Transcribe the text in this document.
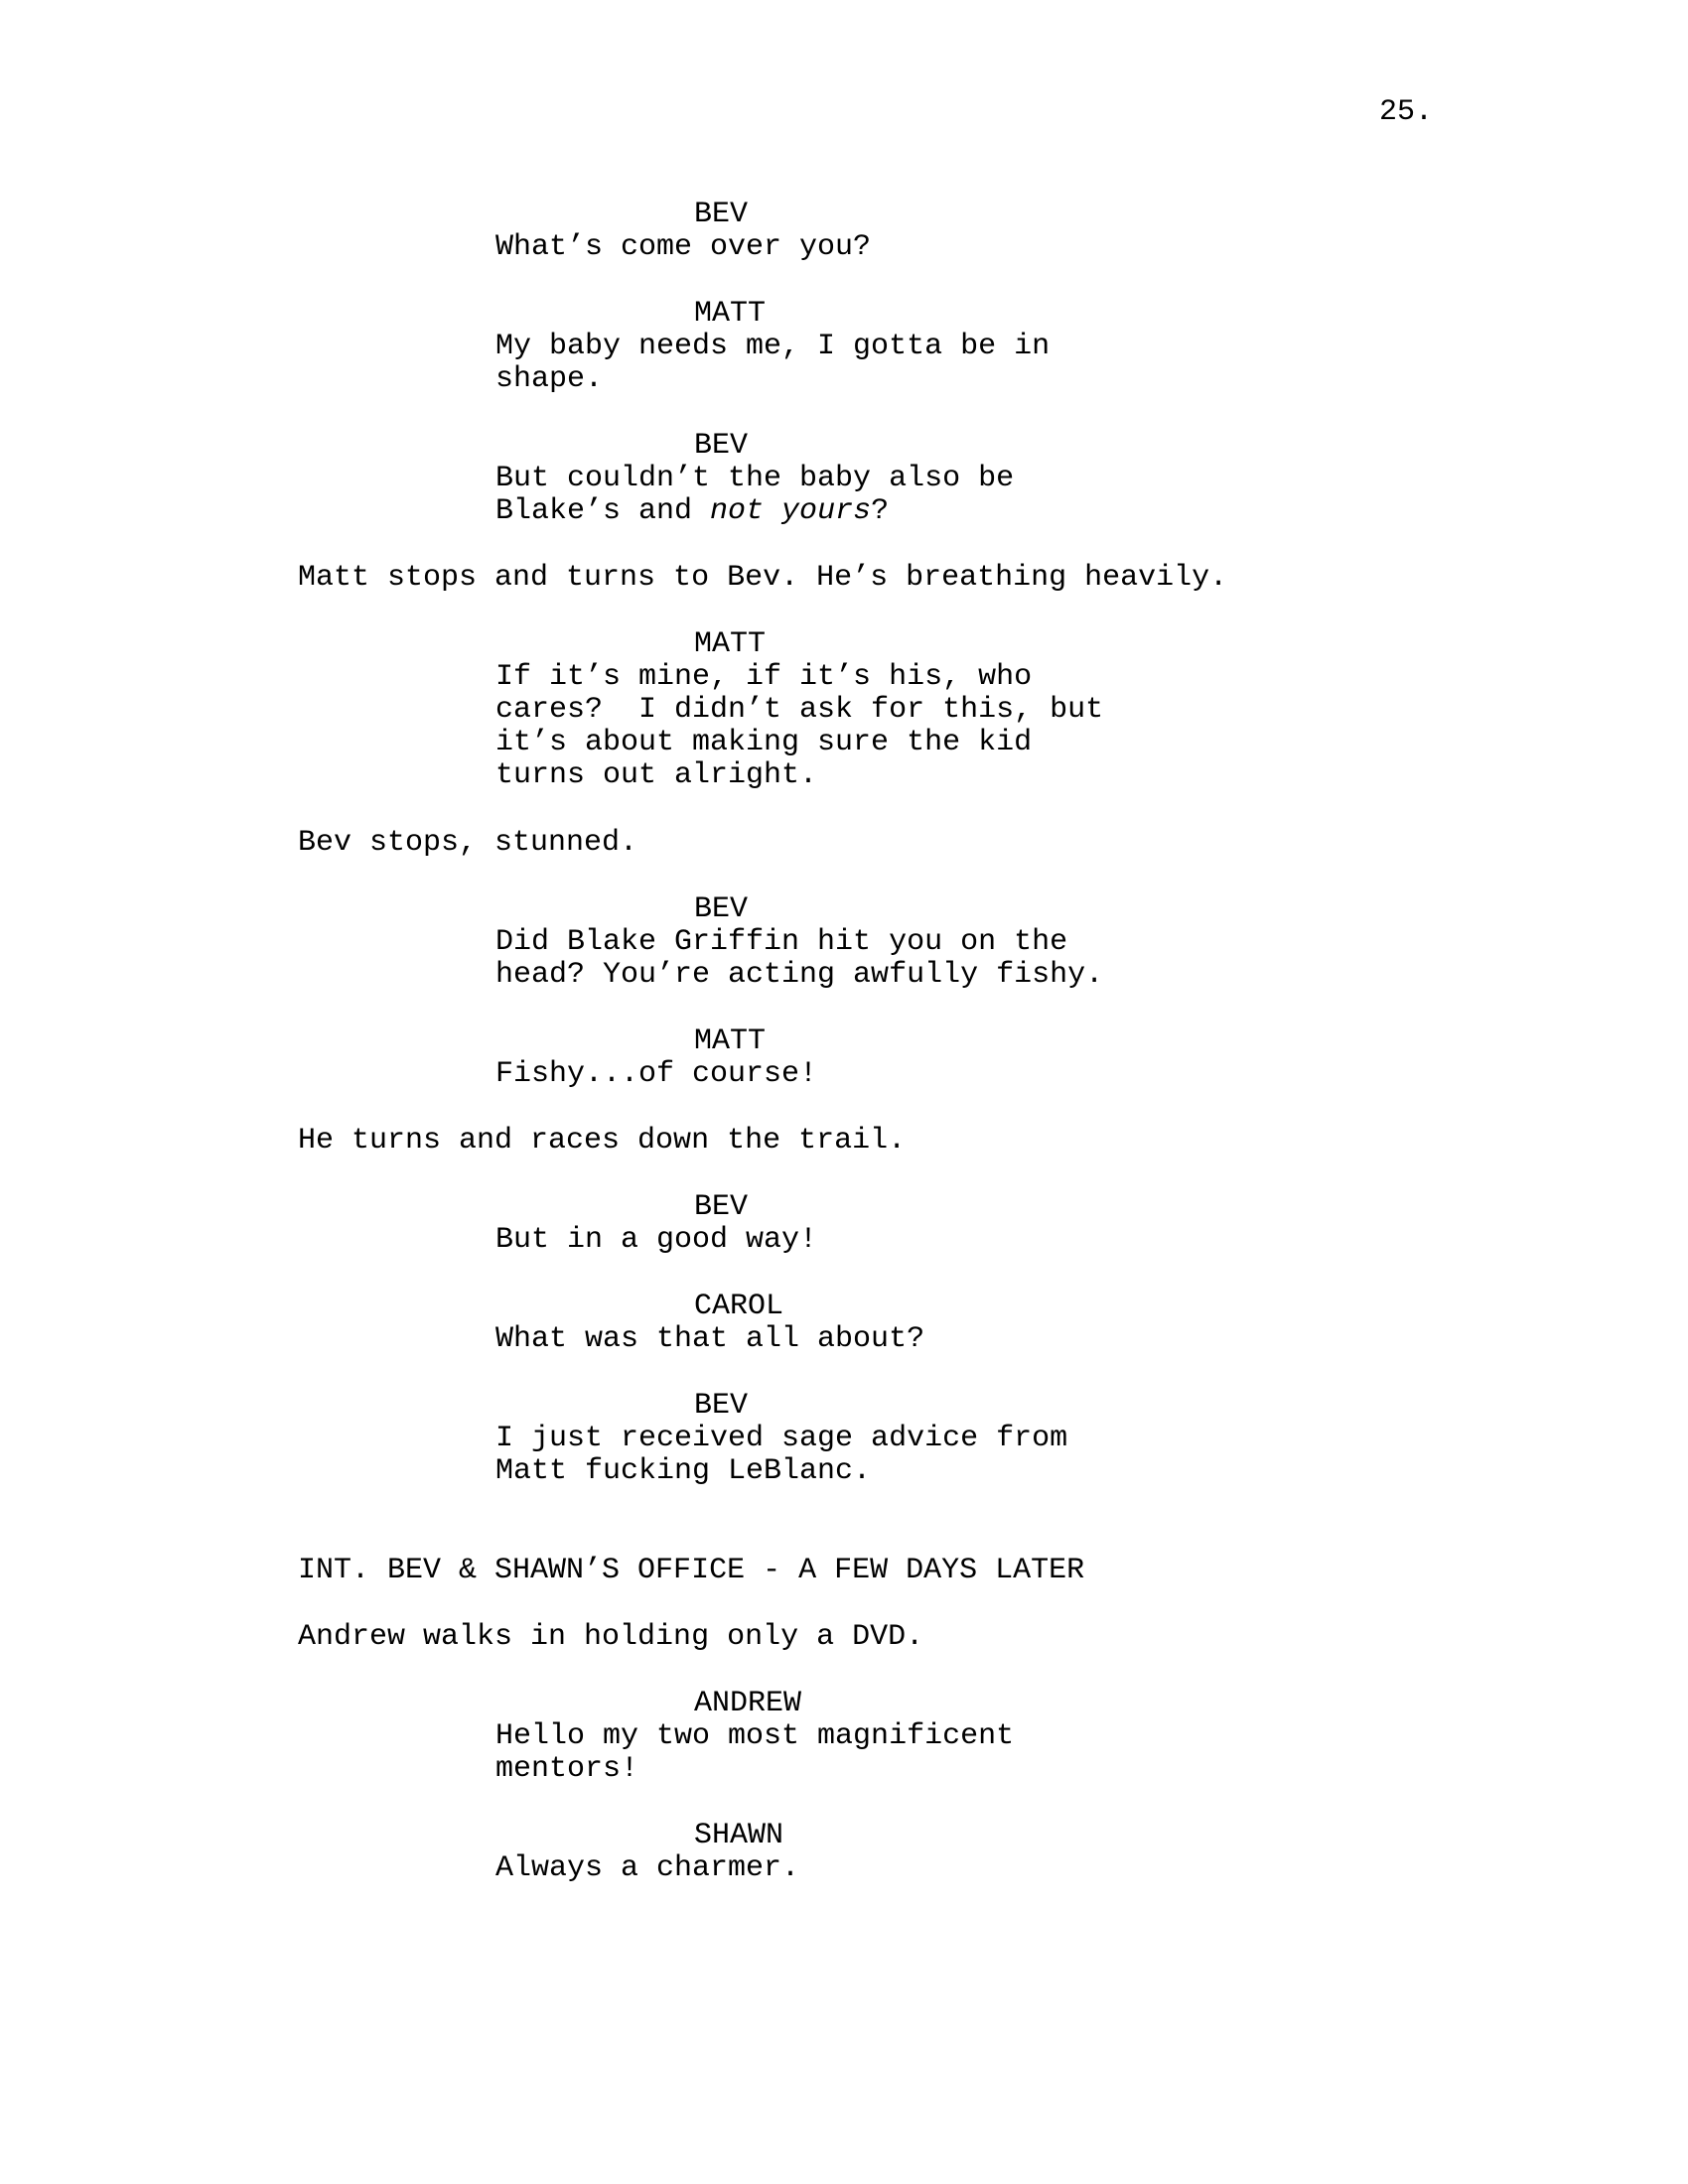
25.
BEV
What’s come over you?
MATT
My baby needs me, I gotta be in
shape.
BEV
But couldn’t the baby also be
Blake’s and not yours?
Matt stops and turns to Bev. He’s breathing heavily.
MATT
If it’s mine, if it’s his, who
cares?  I didn’t ask for this, but
it’s about making sure the kid
turns out alright.
Bev stops, stunned.
BEV
Did Blake Griffin hit you on the
head? You’re acting awfully fishy.
MATT
Fishy...of course!
He turns and races down the trail.
BEV
But in a good way!
CAROL
What was that all about?
BEV
I just received sage advice from
Matt fucking LeBlanc.
INT. BEV & SHAWN’S OFFICE - A FEW DAYS LATER
Andrew walks in holding only a DVD.
ANDREW
Hello my two most magnificent
mentors!
SHAWN
Always a charmer.
